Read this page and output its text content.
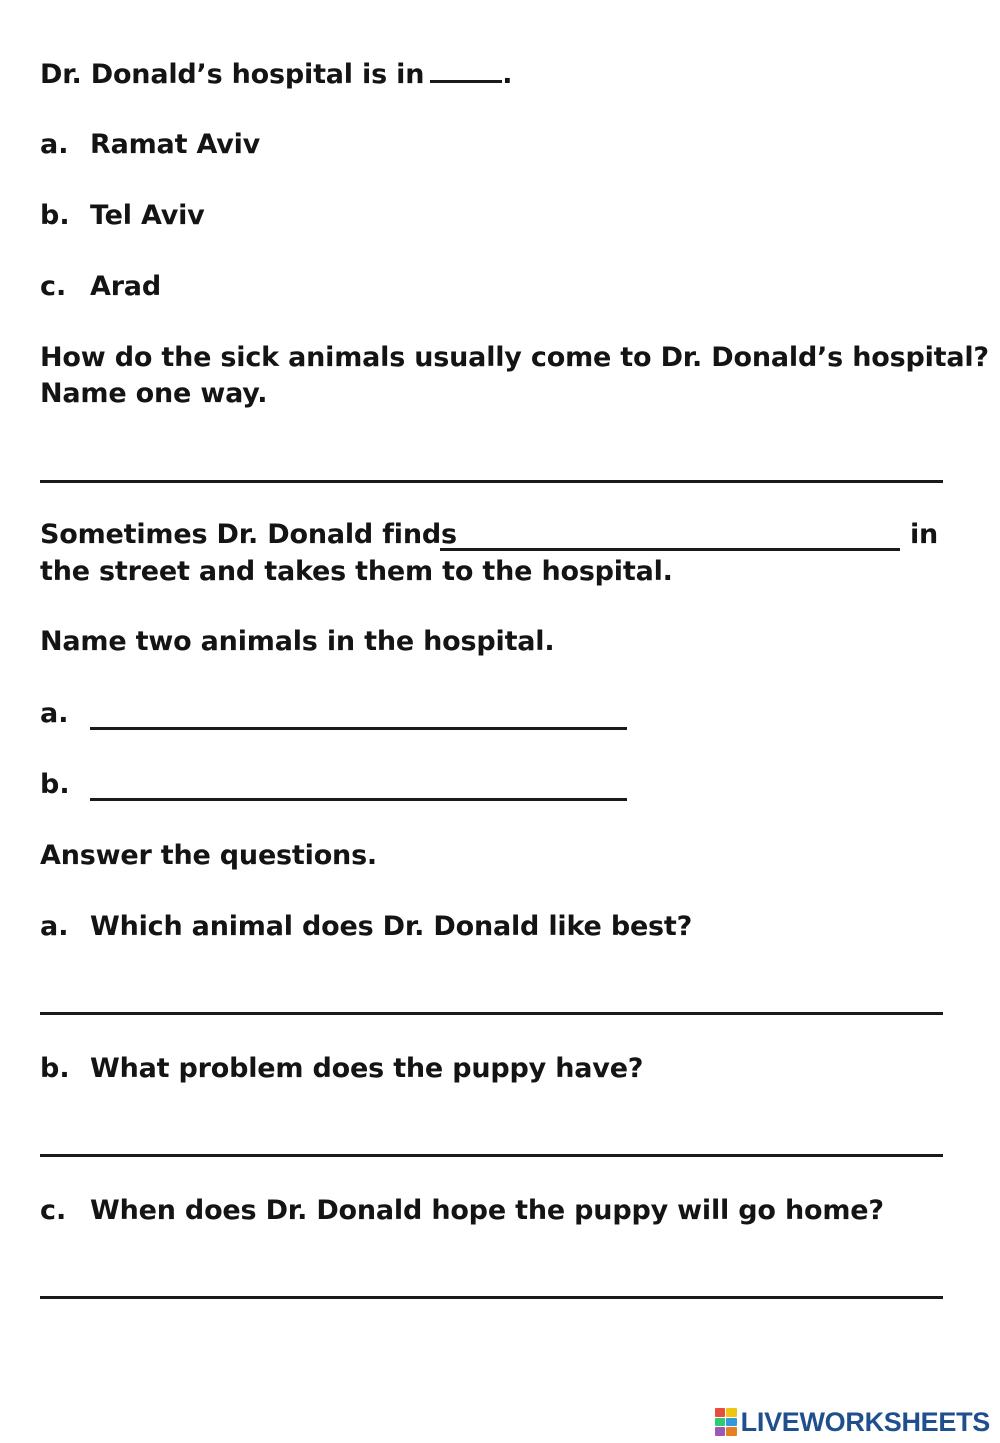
Dr. Donald’s hospital is in	.
a. Ramat Aviv
b. Tel Aviv
c. Arad
How do the sick animals usually come to Dr. Donald’s hospital?
Name one way.
Sometimes Dr. Donald finds	in
the street and takes them to the hospital.
Name two animals in the hospital.
a.
b.
Answer the questions.
a. Which animal does Dr. Donald like best?
b. What problem does the puppy have?
c. When does Dr. Donald hope the puppy will go home?
LIVEWORKSHEETS
